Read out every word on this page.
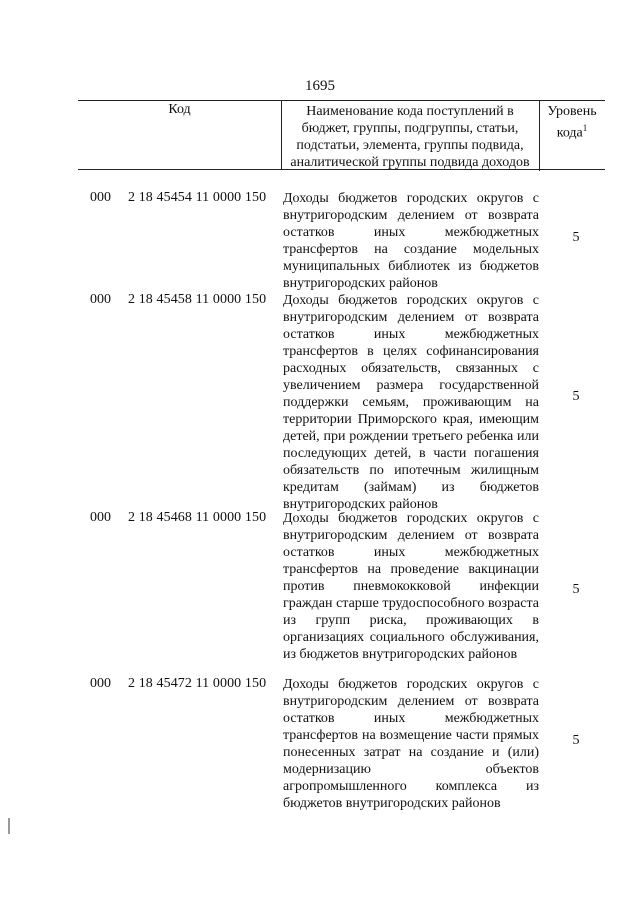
1695
Код	Наименование кода поступлений в бюджет, группы, подгруппы, статьи, подстатьи, элемента, группы подвида, аналитической группы подвида доходов
Уровень кода$^1$
000 2 18 45454 11 0000 150 Доходы бюджетов городских округов с внутригородским делением от возврата остатков иных межбюджетных трансфертов на создание модельных муниципальных библиотек из бюджетов внутригородских районов
5
000 2 18 45458 11 0000 150 Доходы бюджетов городских округов с внутригородским делением от возврата остатков иных межбюджетных трансфертов в целях софинансирования расходных обязательств, связанных с увеличением размера государственной поддержки семьям, проживающим на территории Приморского края, имеющим детей, при рождении третьего ребенка или последующих детей, в части погашения обязательств по ипотечным жилищным кредитам (займам) из бюджетов внутригородских районов
5
000 2 18 45468 11 0000 150 Доходы бюджетов городских округов с внутригородским делением от возврата остатков иных межбюджетных трансфертов на проведение вакцинации против пневмококковой инфекции граждан старше трудоспособного возраста из групп риска, проживающих в организациях социального обслуживания, из бюджетов внутригородских районов
5
000 2 18 45472 11 0000 150 Доходы бюджетов городских округов с внутригородским делением от возврата остатков иных межбюджетных трансфертов на возмещение части прямых понесенных затрат на создание и (или) модернизацию объектов агропромышленного комплекса из бюджетов внутригородских районов
5
